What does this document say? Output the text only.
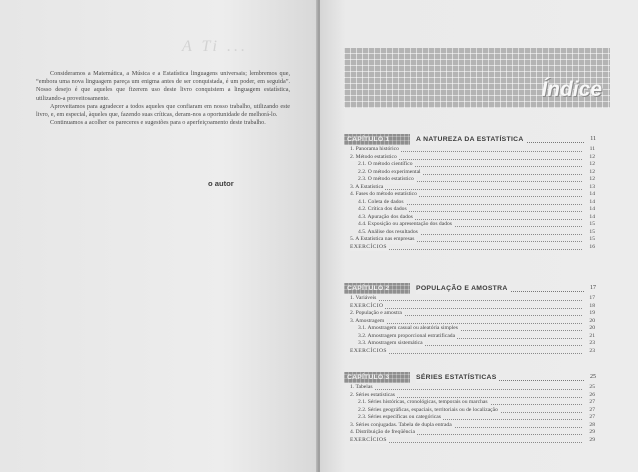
A Ti ...

Consideramos a Matemática, a Música e a Estatística linguagens universais; lembremos que, “embora uma nova linguagem pareça um enigma antes de ser conquistada, é um poder, em seguida”. Nosso desejo é que aqueles que fizerem uso deste livro conquistem a linguagem estatística, utilizando-a proveitosamente.

Aproveitamos para agradecer a todos aqueles que confiaram em nosso trabalho, utilizando este livro, e, em especial, àqueles que, fazendo suas críticas, deram-nos a oportunidade de melhorá-lo.

Continuamos a acolher os pareceres e sugestões para o aperfeiçoamento deste trabalho.

o autor
Índice
CAPÍTULO 1	A NATUREZA DA ESTATÍSTICA	11
1. Panorama histórico	11
2. Método estatístico	12
2.1. O método científico	12
2.2. O método experimental	12
2.3. O método estatístico	12
3. A Estatística	13
4. Fases do método estatístico	14
4.1. Coleta de dados	14
4.2. Crítica dos dados	14
4.3. Apuração dos dados	14
4.4. Exposição ou apresentação dos dados	15
4.5. Análise dos resultados	15
5. A Estatística nas empresas	15
EXERCÍCIOS	16
CAPÍTULO 2	POPULAÇÃO E AMOSTRA	17
1. Variáveis	17
EXERCÍCIO	18
2. População e amostra	19
3. Amostragem	20
3.1. Amostragem casual ou aleatória simples	20
3.2. Amostragem proporcional estratificada	21
3.3. Amostragem sistemática	23
EXERCÍCIOS	23
CAPÍTULO 3	SÉRIES ESTATÍSTICAS	25
1. Tabelas	25
2. Séries estatísticas	26
2.1. Séries históricas, cronológicas, temporais ou marchas	27
2.2. Séries geográficas, espaciais, territoriais ou de localização	27
2.3. Séries específicas ou categóricas	27
3. Séries conjugadas. Tabela de dupla entrada	28
4. Distribuição de freqüência	29
EXERCÍCIOS	29
